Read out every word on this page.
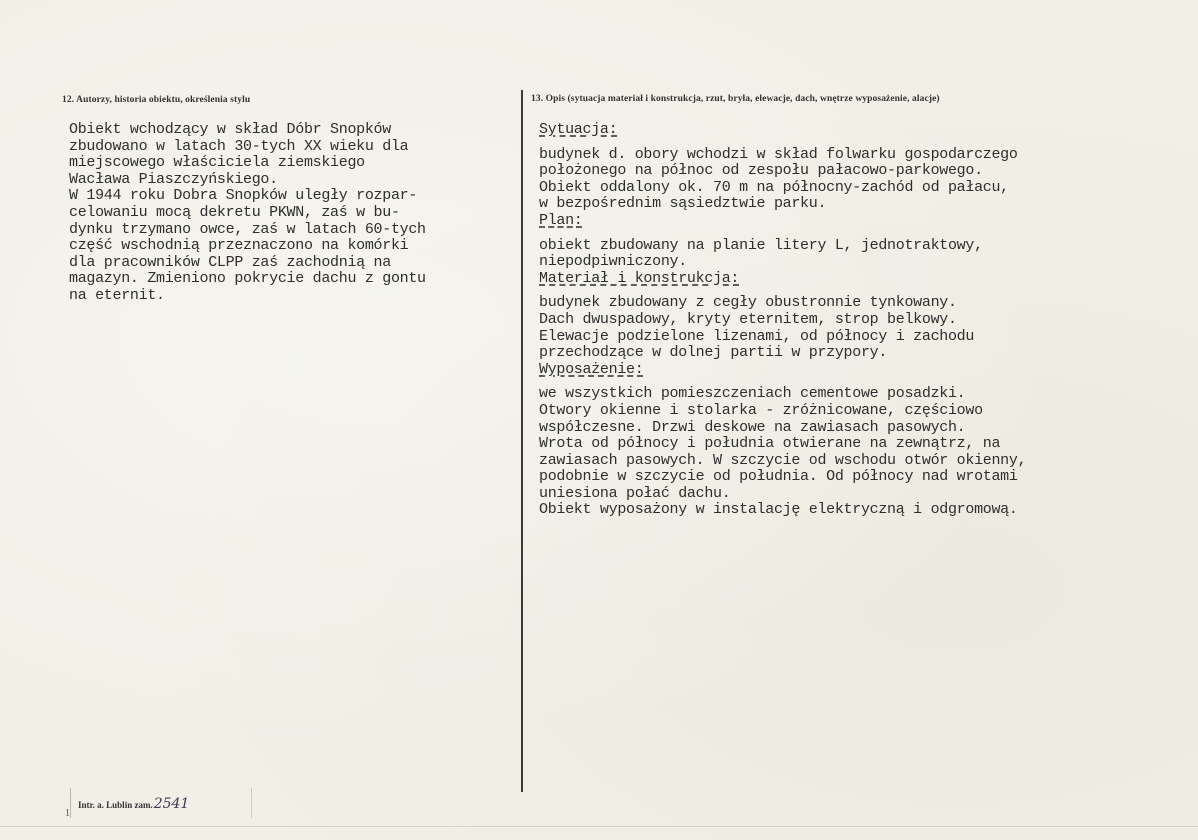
12. Autorzy, historia obiektu, określenia stylu	13. Opis (sytuacja materiał i konstrukcja, rzut, bryła, elewacje, dach, wnętrze wyposażenie, alacje)
Obiekt wchodzący w skład Dóbr Snopków
zbudowano w latach 30-tych XX wieku dla
miejscowego właściciela ziemskiego
Wacława Piaszczyńskiego.
W 1944 roku Dobra Snopków uległy rozpar-
celowaniu mocą dekretu PKWN, zaś w bu-
dynku trzymano owce, zaś w latach 60-tych
część wschodnią przeznaczono na komórki
dla pracowników CLPP zaś zachodnią na
magazyn. Zmieniono pokrycie dachu z gontu
na eternit.
Sytuacja:
budynek d. obory wchodzi w skład folwarku gospodarczego
położonego na północ od zespołu pałacowo-parkowego.
Obiekt oddalony ok. 70 m na północny-zachód od pałacu,
w bezpośrednim sąsiedztwie parku.
Plan:
obiekt zbudowany na planie litery L, jednotraktowy,
niepodpiwniczony.
Materiał i konstrukcja:
budynek zbudowany z cegły obustronnie tynkowany.
Dach dwuspadowy, kryty eternitem, strop belkowy.
Elewacje podzielone lizenami, od północy i zachodu
przechodzące w dolnej partii w przypory.
Wyposażenie:
we wszystkich pomieszczeniach cementowe posadzki.
Otwory okienne i stolarka - zróżnicowane, częściowo
współczesne. Drzwi deskowe na zawiasach pasowych.
Wrota od północy i południa otwierane na zewnątrz, na
zawiasach pasowych. W szczycie od wschodu otwór okienny,
podobnie w szczycie od południa. Od północy nad wrotami
uniesiona połać dachu.
Obiekt wyposażony w instalację elektryczną i odgromową.
Intr. a. Lublin zam.2541
1
